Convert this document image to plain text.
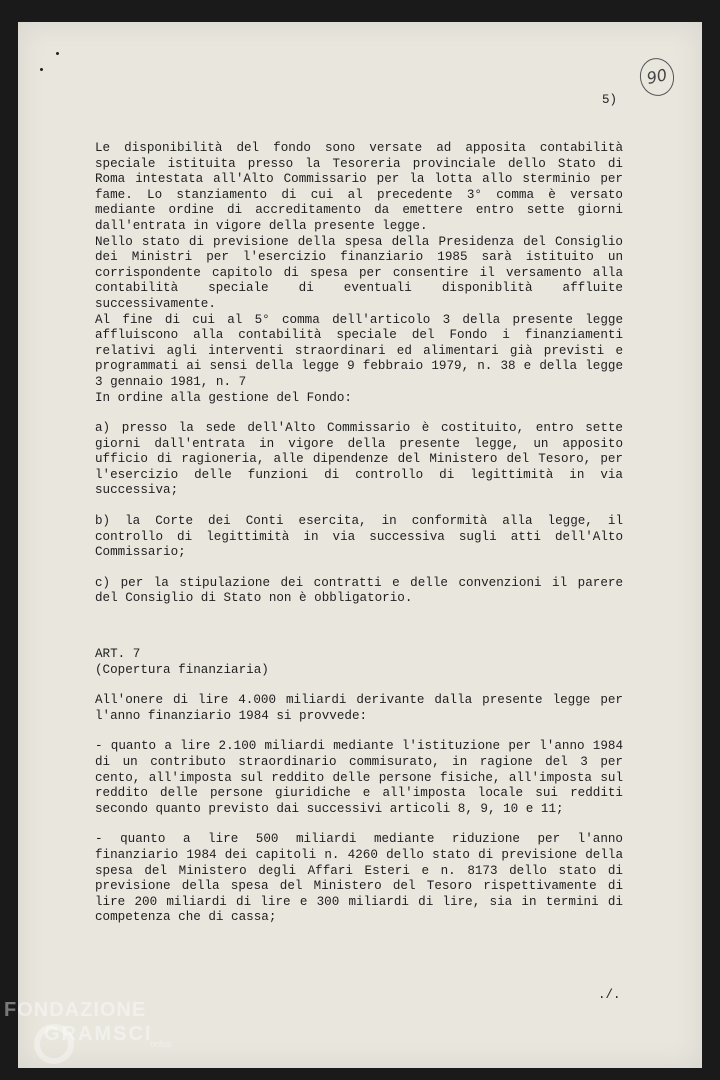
90
5)

Le disponibilità del fondo sono versate ad apposita contabilità speciale istituita presso la Tesoreria provinciale dello Stato di Roma intestata all'Alto Commissario per la lotta allo sterminio per fame. Lo stanziamento di cui al precedente 3° comma è versato mediante ordine di accreditamento da emettere entro sette giorni dall'entrata in vigore della presente legge.

Nello stato di previsione della spesa della Presidenza del Consiglio dei Ministri per l'esercizio finanziario 1985 sarà istituito un corrispondente capitolo di spesa per consentire il versamento alla contabilità speciale di eventuali disponiblità affluite successivamente.

Al fine di cui al 5° comma dell'articolo 3 della presente legge affluiscono alla contabilità speciale del Fondo i finanziamenti relativi agli interventi straordinari ed alimentari già previsti e programmati ai sensi della legge 9 febbraio 1979, n. 38 e della legge 3 gennaio 1981, n. 7

In ordine alla gestione del Fondo:

a) presso la sede dell'Alto Commissario è costituito, entro sette giorni dall'entrata in vigore della presente legge, un apposito ufficio di ragioneria, alle dipendenze del Ministero del Tesoro, per l'esercizio delle funzioni di controllo di legittimità in via successiva;

b) la Corte dei Conti esercita, in conformità alla legge, il controllo di legittimità in via successiva sugli atti dell'Alto Commissario;

c) per la stipulazione dei contratti e delle convenzioni il parere del Consiglio di Stato non è obbligatorio.

ART. 7

(Copertura finanziaria)

All'onere di lire 4.000 miliardi derivante dalla presente legge per l'anno finanziario 1984 si provvede:

- quanto a lire 2.100 miliardi mediante l'istituzione per l'anno 1984 di un contributo straordinario commisurato, in ragione del 3 per cento, all'imposta sul reddito delle persone fisiche, all'imposta sul reddito delle persone giuridiche e all'imposta locale sui redditi secondo quanto previsto dai successivi articoli 8, 9, 10 e 11;

- quanto a lire 500 miliardi mediante riduzione per l'anno finanziario 1984 dei capitoli n. 4260 dello stato di previsione della spesa del Ministero degli Affari Esteri e n. 8173 dello stato di previsione della spesa del Ministero del Tesoro rispettivamente di lire 200 miliardi di lire e 300 miliardi di lire, sia in termini di competenza che di cassa;

./.
FONDAZIONE
GRAMSCI
onlus
